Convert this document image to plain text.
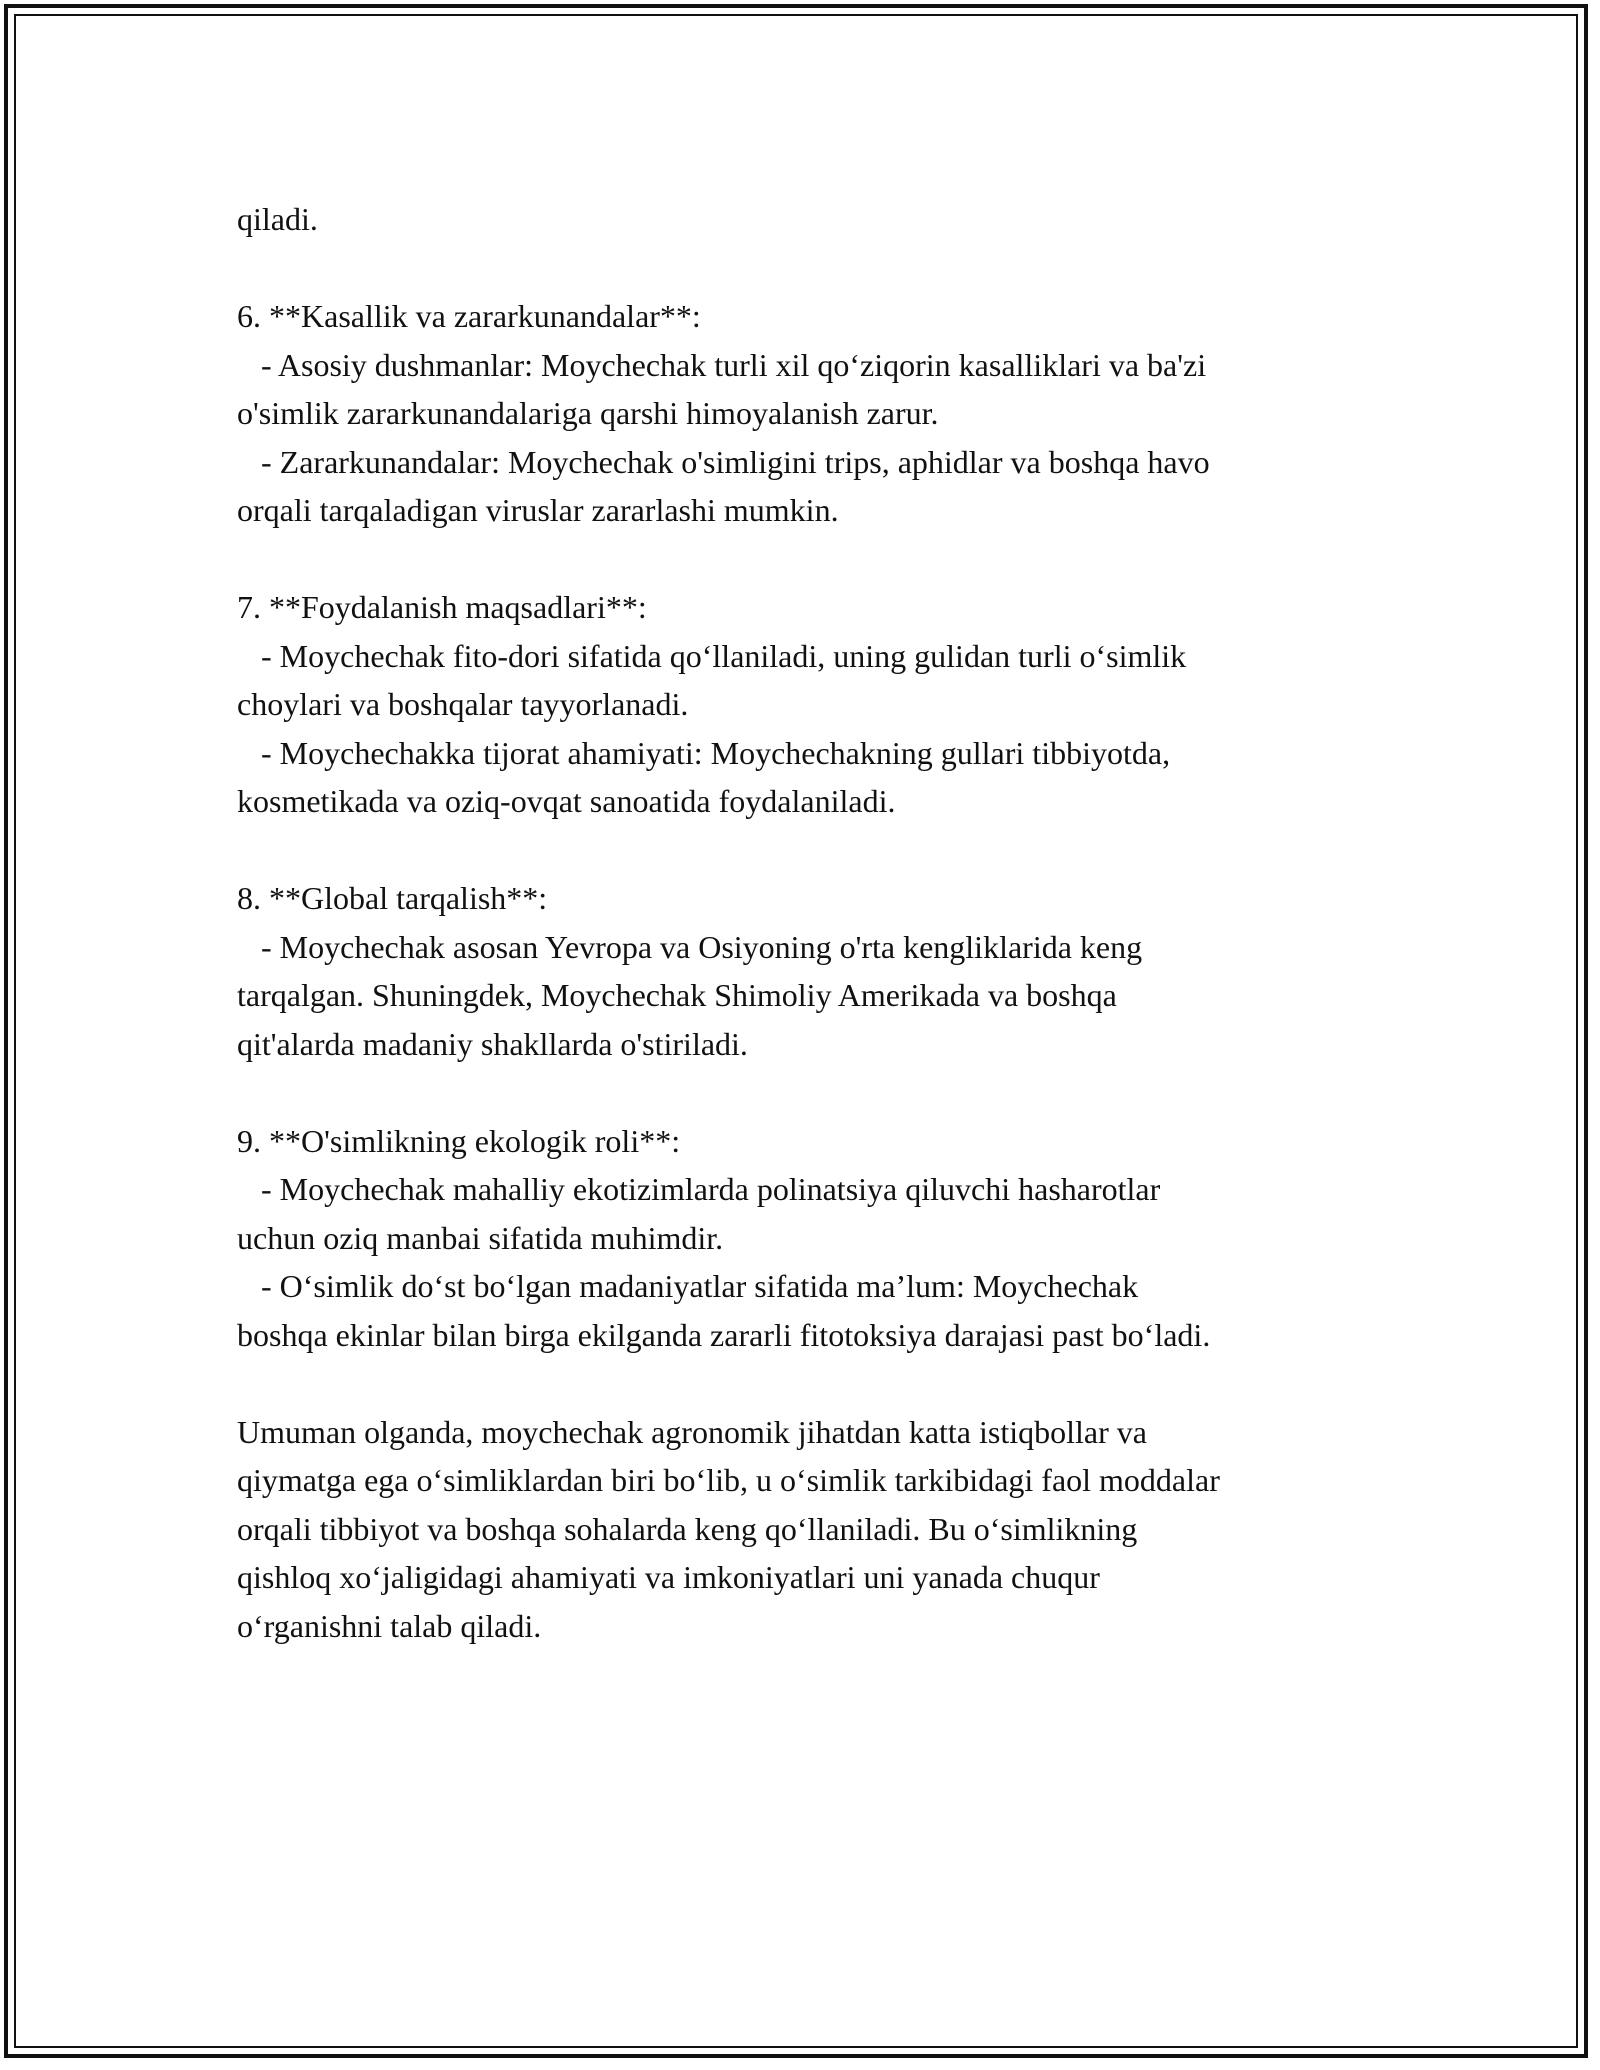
qiladi.
6. **Kasallik va zararkunandalar**:
- Asosiy dushmanlar: Moychechak turli xil qo‘ziqorin kasalliklari va ba'zi
o'simlik zararkunandalariga qarshi himoyalanish zarur.
- Zararkunandalar: Moychechak o'simligini trips, aphidlar va boshqa havo
orqali tarqaladigan viruslar zararlashi mumkin.
7. **Foydalanish maqsadlari**:
- Moychechak fito-dori sifatida qo‘llaniladi, uning gulidan turli o‘simlik
choylari va boshqalar tayyorlanadi.
- Moychechakka tijorat ahamiyati: Moychechakning gullari tibbiyotda,
kosmetikada va oziq-ovqat sanoatida foydalaniladi.
8. **Global tarqalish**:
- Moychechak asosan Yevropa va Osiyoning o'rta kengliklarida keng
tarqalgan. Shuningdek, Moychechak Shimoliy Amerikada va boshqa
qit'alarda madaniy shakllarda o'stiriladi.
9. **O'simlikning ekologik roli**:
- Moychechak mahalliy ekotizimlarda polinatsiya qiluvchi hasharotlar
uchun oziq manbai sifatida muhimdir.
- O‘simlik do‘st bo‘lgan madaniyatlar sifatida ma’lum: Moychechak
boshqa ekinlar bilan birga ekilganda zararli fitotoksiya darajasi past bo‘ladi.
Umuman olganda, moychechak agronomik jihatdan katta istiqbollar va
qiymatga ega o‘simliklardan biri bo‘lib, u o‘simlik tarkibidagi faol moddalar
orqali tibbiyot va boshqa sohalarda keng qo‘llaniladi. Bu o‘simlikning
qishloq xo‘jaligidagi ahamiyati va imkoniyatlari uni yanada chuqur
o‘rganishni talab qiladi.
